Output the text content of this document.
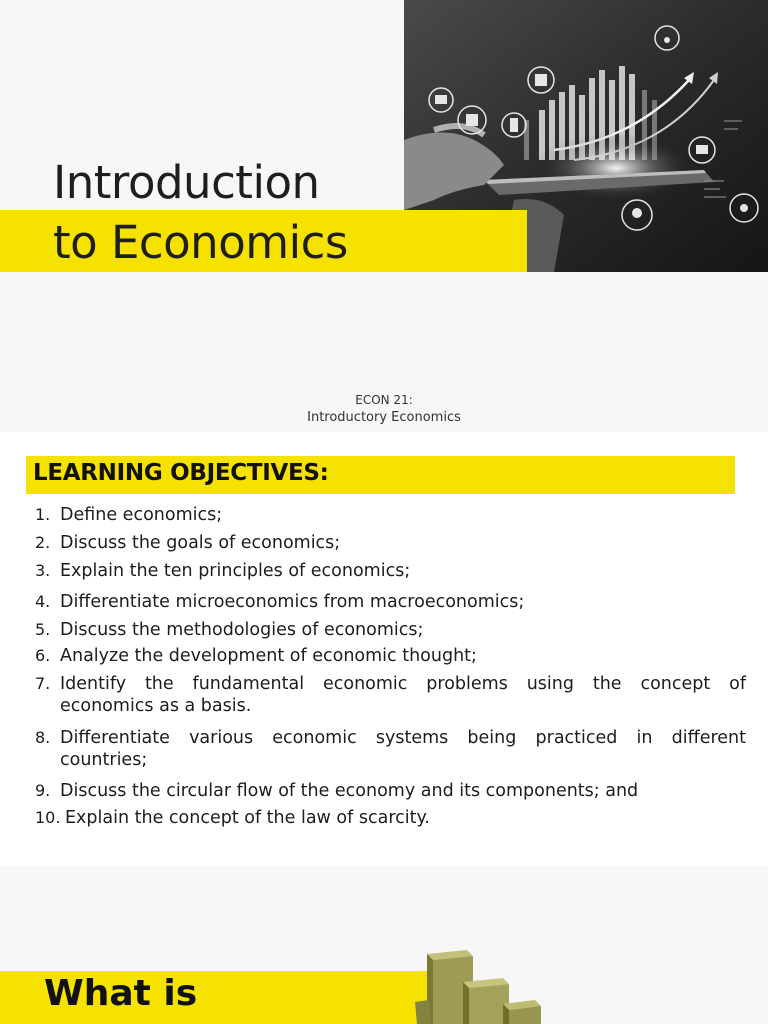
Introduction
to Economics
ECON 21:
Introductory Economics
LEARNING OBJECTIVES:
1. Define economics;
2. Discuss the goals of economics;
3. Explain the ten principles of economics;
4. Differentiate microeconomics from macroeconomics;
5. Discuss the methodologies of economics;
6. Analyze the development of economic thought;
7. Identify the fundamental economic problems using the concept of
economics as a basis.
8. Differentiate various economic systems being practiced in different
countries;
9. Discuss the circular flow of the economy and its components; and
10. Explain the concept of the law of scarcity.
What is
